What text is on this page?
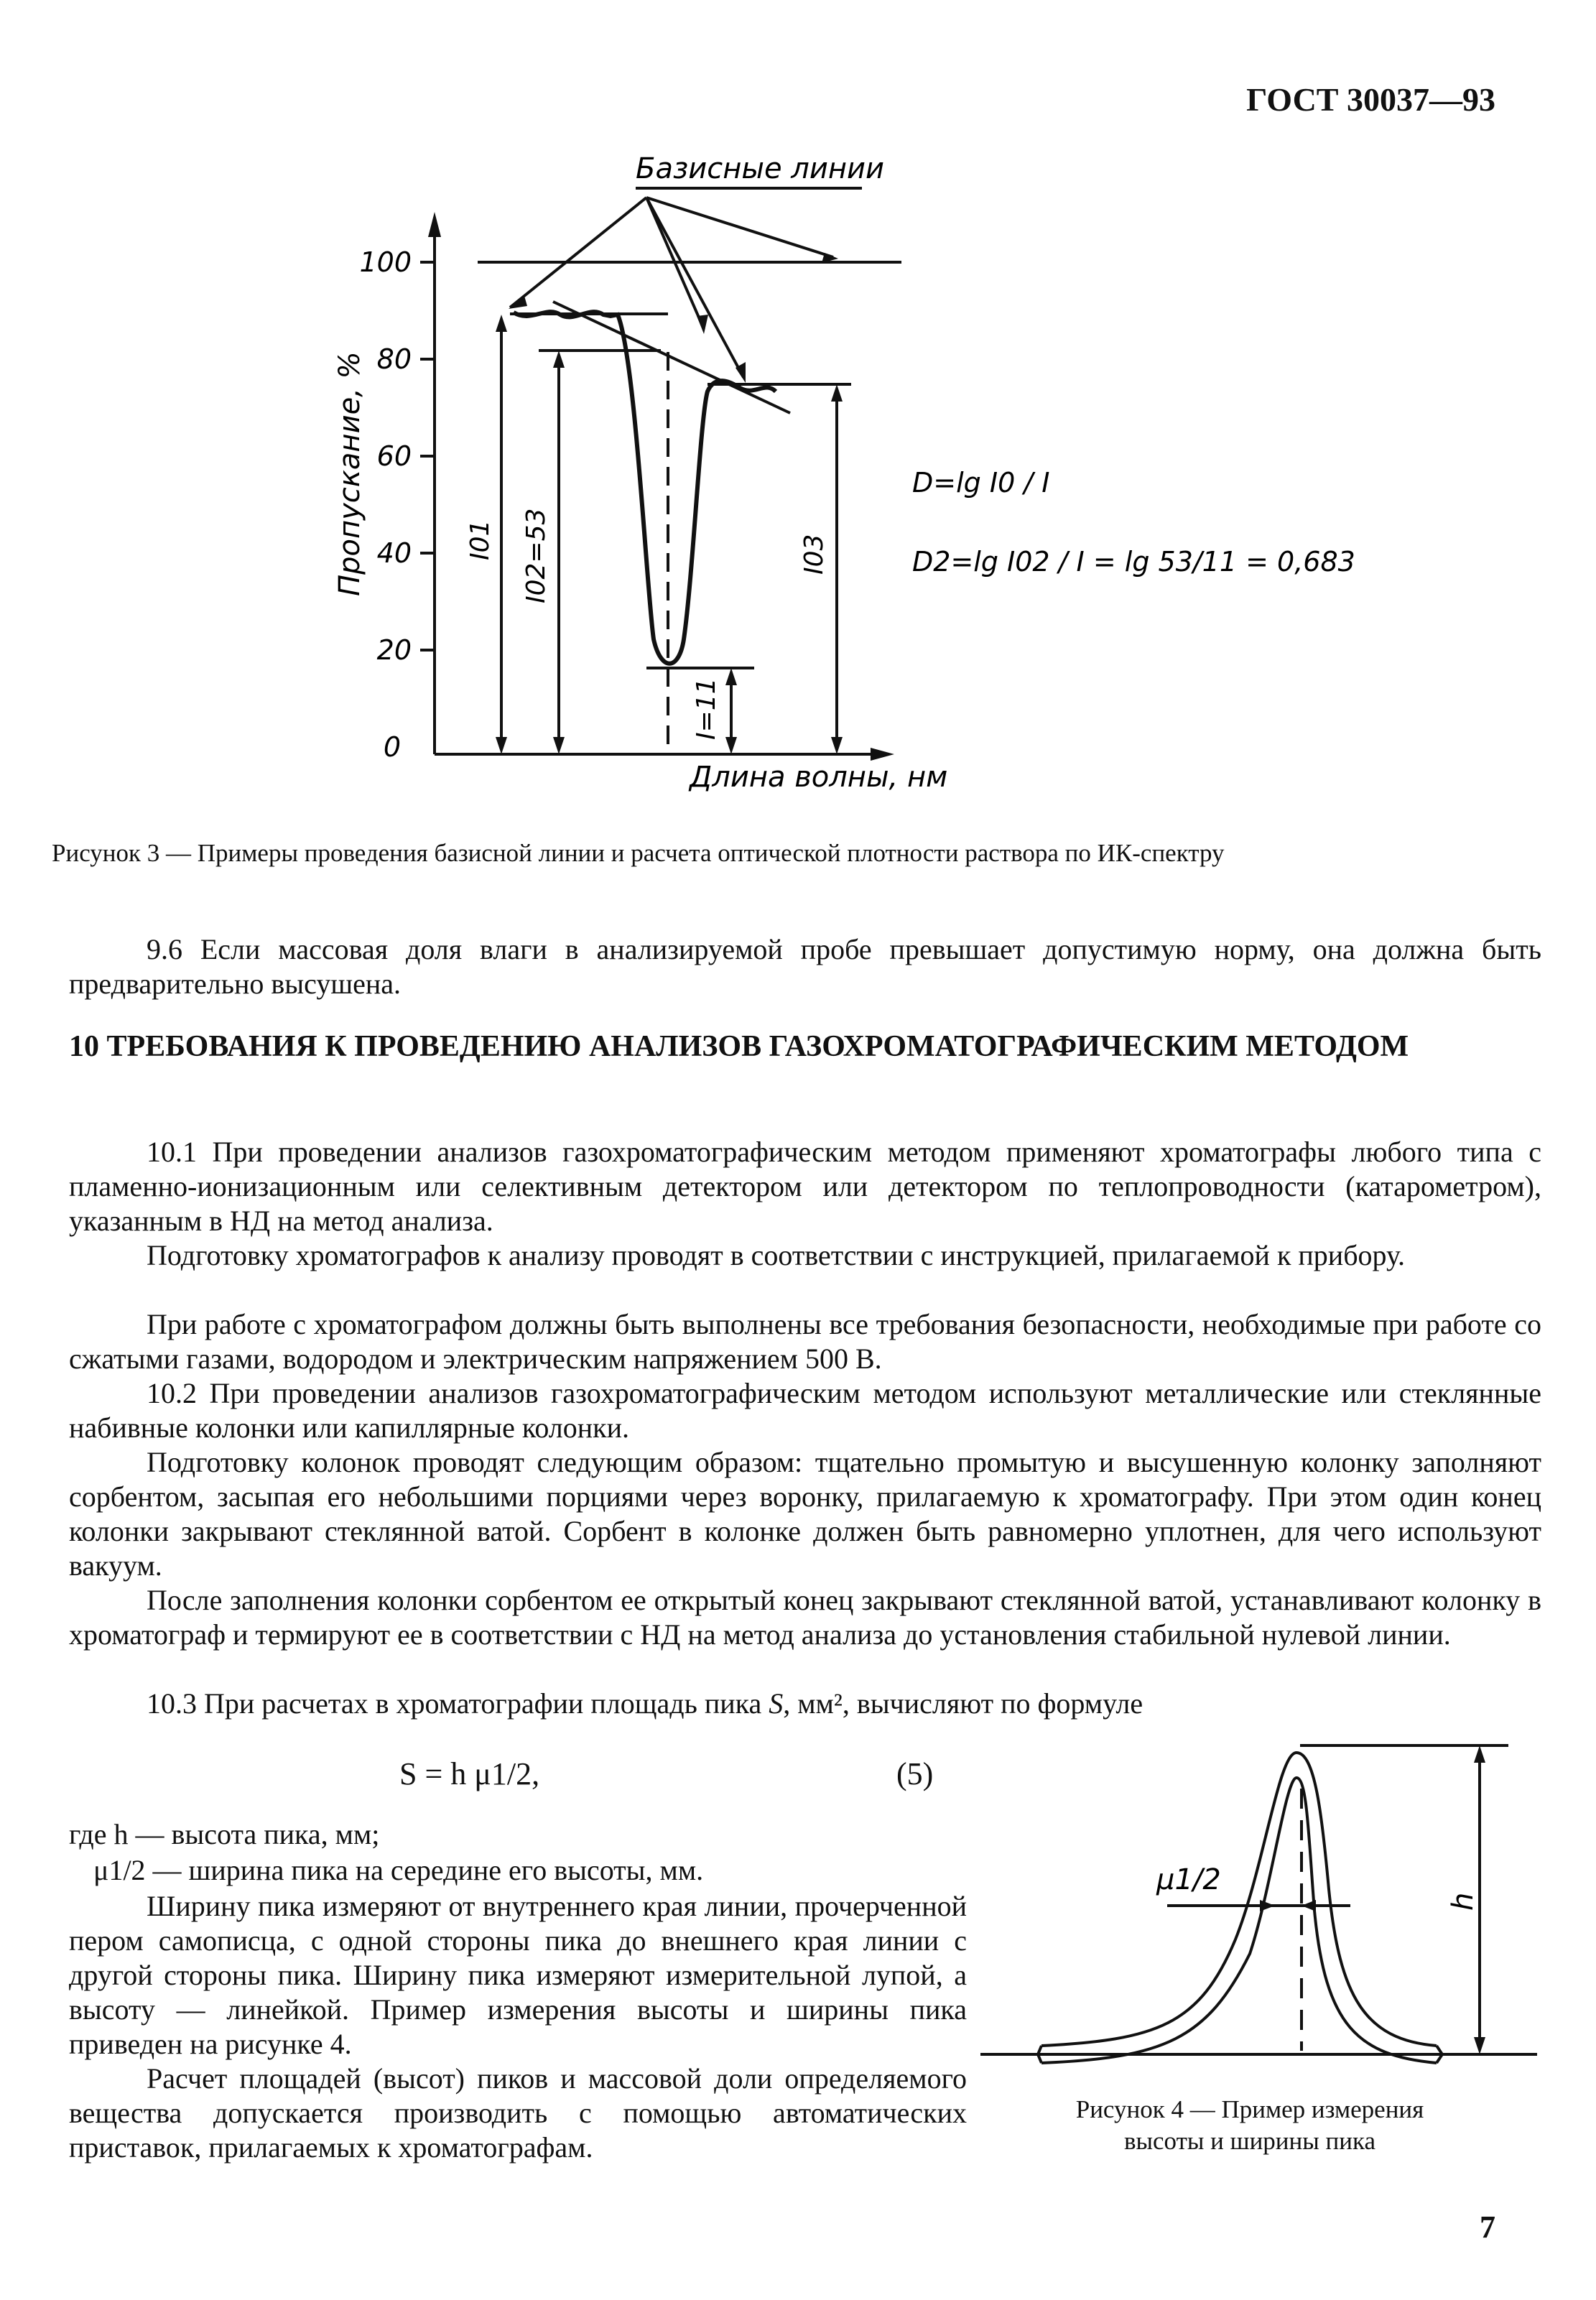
ГОСТ 30037—93
Базисные линии
100
80
60
40
20
0
Пропускание, %
Длина волны, нм
I01 I02=53	I03
I=11
D=lg I0 / I
D2=lg I02 / I = lg 53/11 = 0,683
Рисунок 3 — Примеры проведения базисной линии и расчета оптической плотности раствора по ИК-спектру

9.6 Если массовая доля влаги в анализируемой пробе превышает допустимую норму, она должна быть предварительно высушена.

10 ТРЕБОВАНИЯ К ПРОВЕДЕНИЮ АНАЛИЗОВ ГАЗОХРОМАТОГРАФИЧЕСКИМ МЕТОДОМ

10.1 При проведении анализов газохроматографическим методом применяют хроматографы любого типа с пламенно-ионизационным или селективным детектором или детектором по теплопроводности (катарометром), указанным в НД на метод анализа.

Подготовку хроматографов к анализу проводят в соответствии с инструкцией, прилагаемой к прибору.

При работе с хроматографом должны быть выполнены все требования безопасности, необходимые при работе со сжатыми газами, водородом и электрическим напряжением 500 В.

10.2 При проведении анализов газохроматографическим методом используют металлические или стеклянные набивные колонки или капиллярные колонки.

Подготовку колонок проводят следующим образом: тщательно промытую и высушенную колонку заполняют сорбентом, засыпая его небольшими порциями через воронку, прилагаемую к хроматографу. При этом один конец колонки закрывают стеклянной ватой. Сорбент в колонке должен быть равномерно уплотнен, для чего используют вакуум.

После заполнения колонки сорбентом ее открытый конец закрывают стеклянной ватой, устанавливают колонку в хроматограф и термируют ее в соответствии с НД на метод анализа до установления стабильной нулевой линии.

10.3 При расчетах в хроматографии площадь пика S, мм², вычисляют по формуле

S = h μ1/2,	(5)

где h — высота пика, мм;

μ1/2 — ширина пика на середине его высоты, мм.

Ширину пика измеряют от внутреннего края линии, прочерченной пером самописца, с одной стороны пика до внешнего края линии с другой стороны пика. Ширину пика измеряют измерительной лупой, а высоту — линейкой. Пример измерения высоты и ширины пика приведен на рисунке 4.

Расчет площадей (высот) пиков и массовой доли определяемого вещества допускается производить с помощью автоматических приставок, прилагаемых к хроматографам.

μ1/2
h
Рисунок 4 — Пример измерения
высоты и ширины пика
7
